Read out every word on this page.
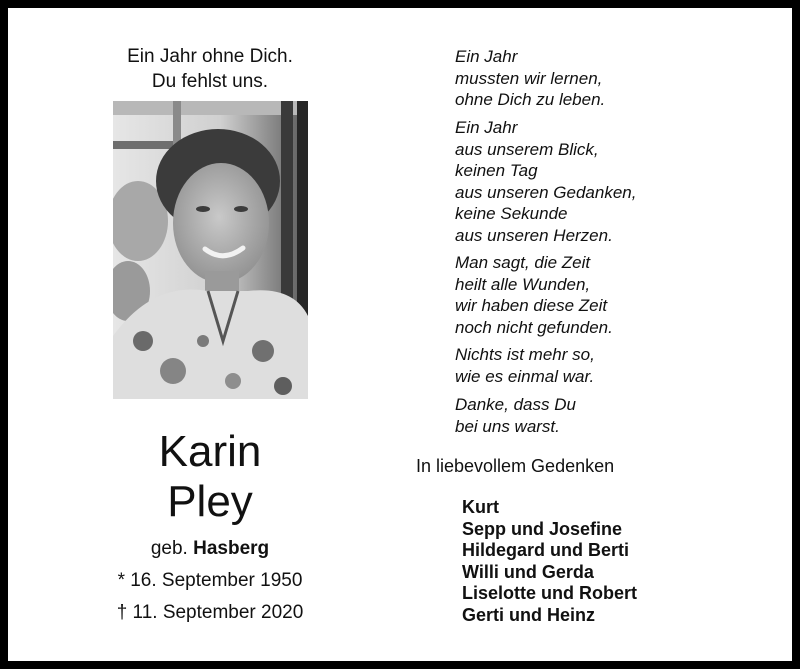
Ein Jahr ohne Dich.
Du fehlst uns.
Karin
Pley
geb. Hasberg
* 16. September 1950
† 11. September 2020
Ein Jahr
mussten wir lernen,
ohne Dich zu leben.
Ein Jahr
aus unserem Blick,
keinen Tag
aus unseren Gedanken,
keine Sekunde
aus unseren Herzen.
Man sagt, die Zeit
heilt alle Wunden,
wir haben diese Zeit
noch nicht gefunden.
Nichts ist mehr so,
wie es einmal war.
Danke, dass Du
bei uns warst.
In liebevollem Gedenken
Kurt
Sepp und Josefine
Hildegard und Berti
Willi und Gerda
Liselotte und Robert
Gerti und Heinz
